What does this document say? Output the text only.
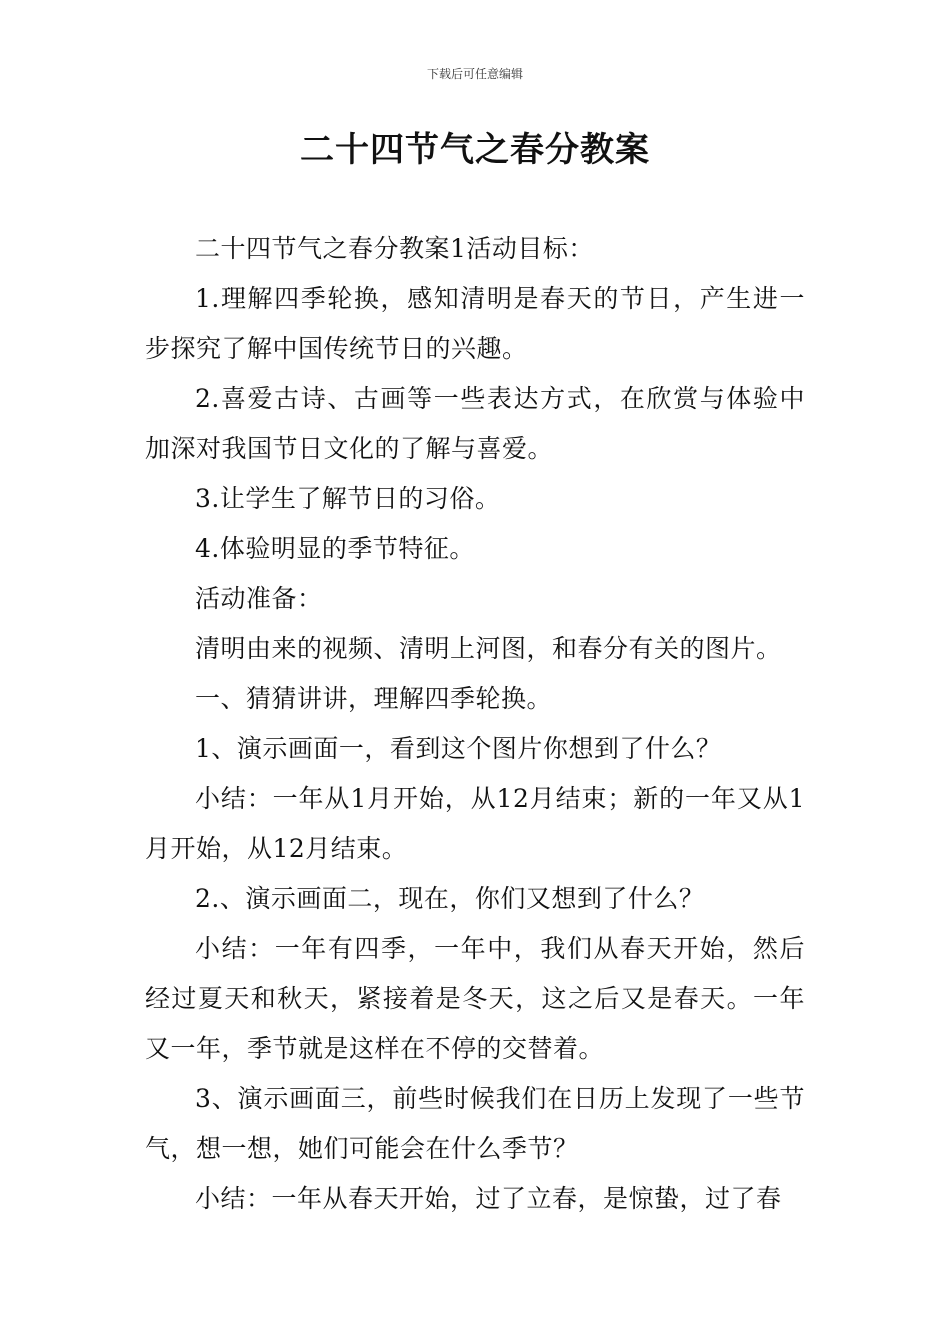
下载后可任意编辑
二十四节气之春分教案

二十四节气之春分教案1活动目标：

1.理解四季轮换，感知清明是春天的节日，产生进一步探究了解中国传统节日的兴趣。

2.喜爱古诗、古画等一些表达方式，在欣赏与体验中加深对我国节日文化的了解与喜爱。

3.让学生了解节日的习俗。

4.体验明显的季节特征。

活动准备：

清明由来的视频、清明上河图，和春分有关的图片。

一、猜猜讲讲，理解四季轮换。

1、演示画面一，看到这个图片你想到了什么？

小结：一年从1月开始，从12月结束；新的一年又从1月开始，从12月结束。

2.、演示画面二，现在，你们又想到了什么？

小结：一年有四季，一年中，我们从春天开始，然后经过夏天和秋天，紧接着是冬天，这之后又是春天。一年又一年，季节就是这样在不停的交替着。

3、演示画面三，前些时候我们在日历上发现了一些节气，想一想，她们可能会在什么季节？

小结：一年从春天开始，过了立春，是惊蛰，过了春
